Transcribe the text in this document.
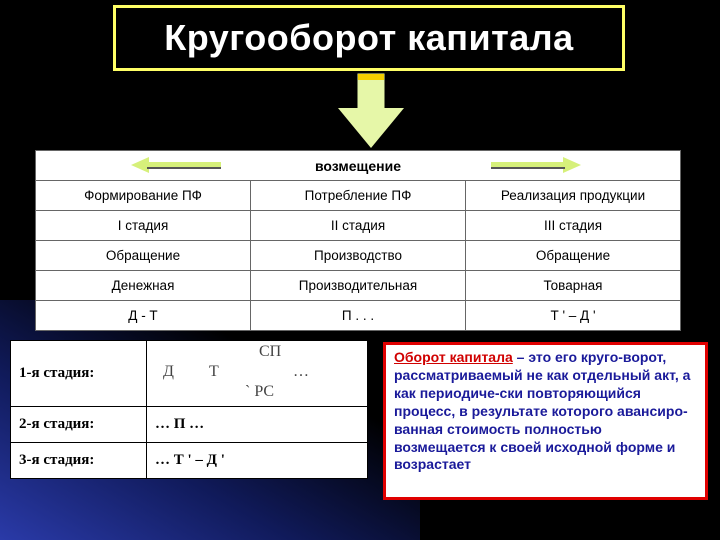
Кругооборот капитала
возмещение		

Формирование ПФ	Потребление ПФ	Реализация продукции
I стадия	II стадия	III стадия
Обращение	Производство	Обращение
Денежная	Производительная	Товарная
Д - Т	П . . .	Т ' – Д '
1-я стадия:	Д Т
СП
…
` РС

2-я стадия:	… П …
3-я стадия:	… Т ' – Д '
Оборот капитала – это его круго-ворот, рассматриваемый не как отдельный акт, а как периодиче-ски повторяющийся процесс, в результате которого авансиро-ванная стоимость полностью возмещается к своей исходной форме и возрастает
